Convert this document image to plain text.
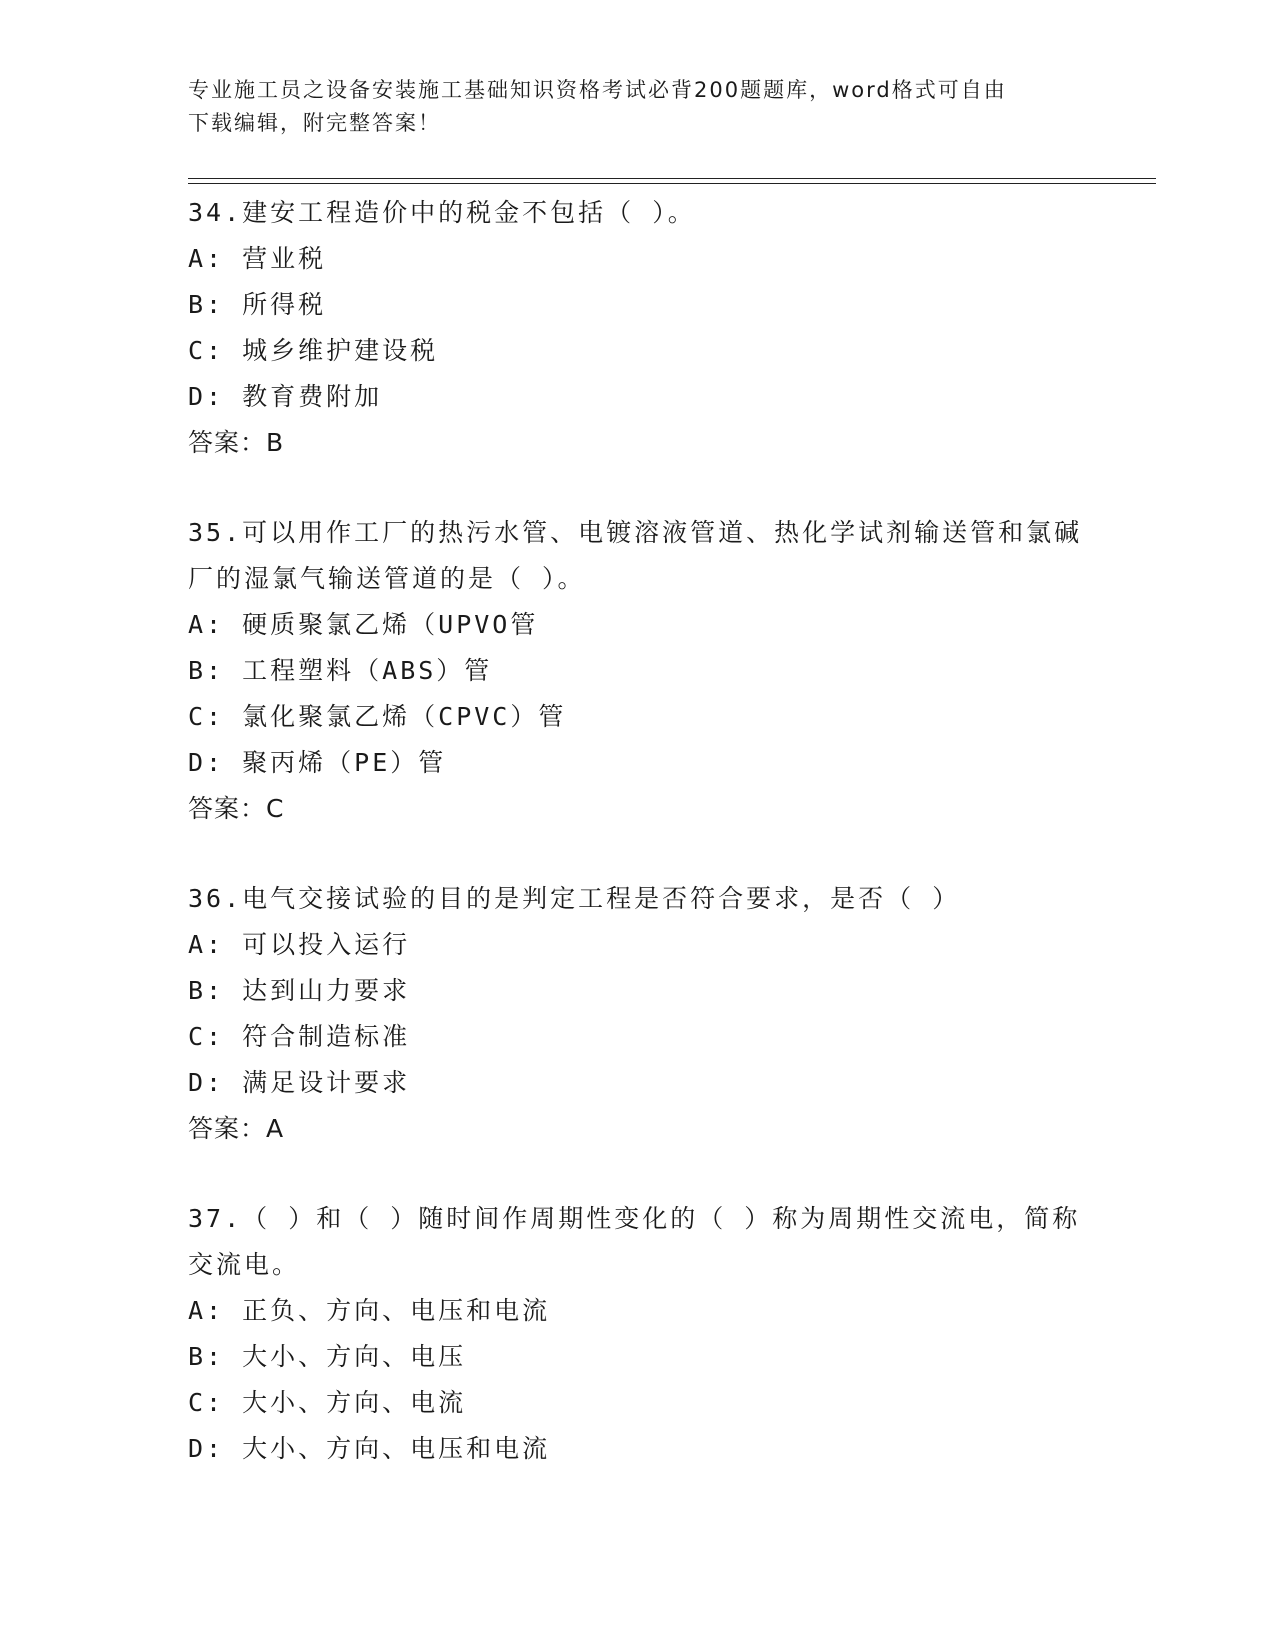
专业施工员之设备安装施工基础知识资格考试必背200题题库，word格式可自由
下载编辑，附完整答案！
34.建安工程造价中的税金不包括（ ）。
A: 营业税
B: 所得税
C: 城乡维护建设税
D: 教育费附加
答案：B
35.可以用作工厂的热污水管、电镀溶液管道、热化学试剂输送管和氯碱厂的湿氯气输送管道的是（ ）。
A: 硬质聚氯乙烯（UPVO管
B: 工程塑料（ABS）管
C: 氯化聚氯乙烯（CPVC）管
D: 聚丙烯（PE）管
答案：C
36.电气交接试验的目的是判定工程是否符合要求，是否（ ）
A: 可以投入运行
B: 达到山力要求
C: 符合制造标准
D: 满足设计要求
答案：A
37.（ ）和（ ）随时间作周期性变化的（ ）称为周期性交流电，简称交流电。
A: 正负、方向、电压和电流
B: 大小、方向、电压
C: 大小、方向、电流
D: 大小、方向、电压和电流
